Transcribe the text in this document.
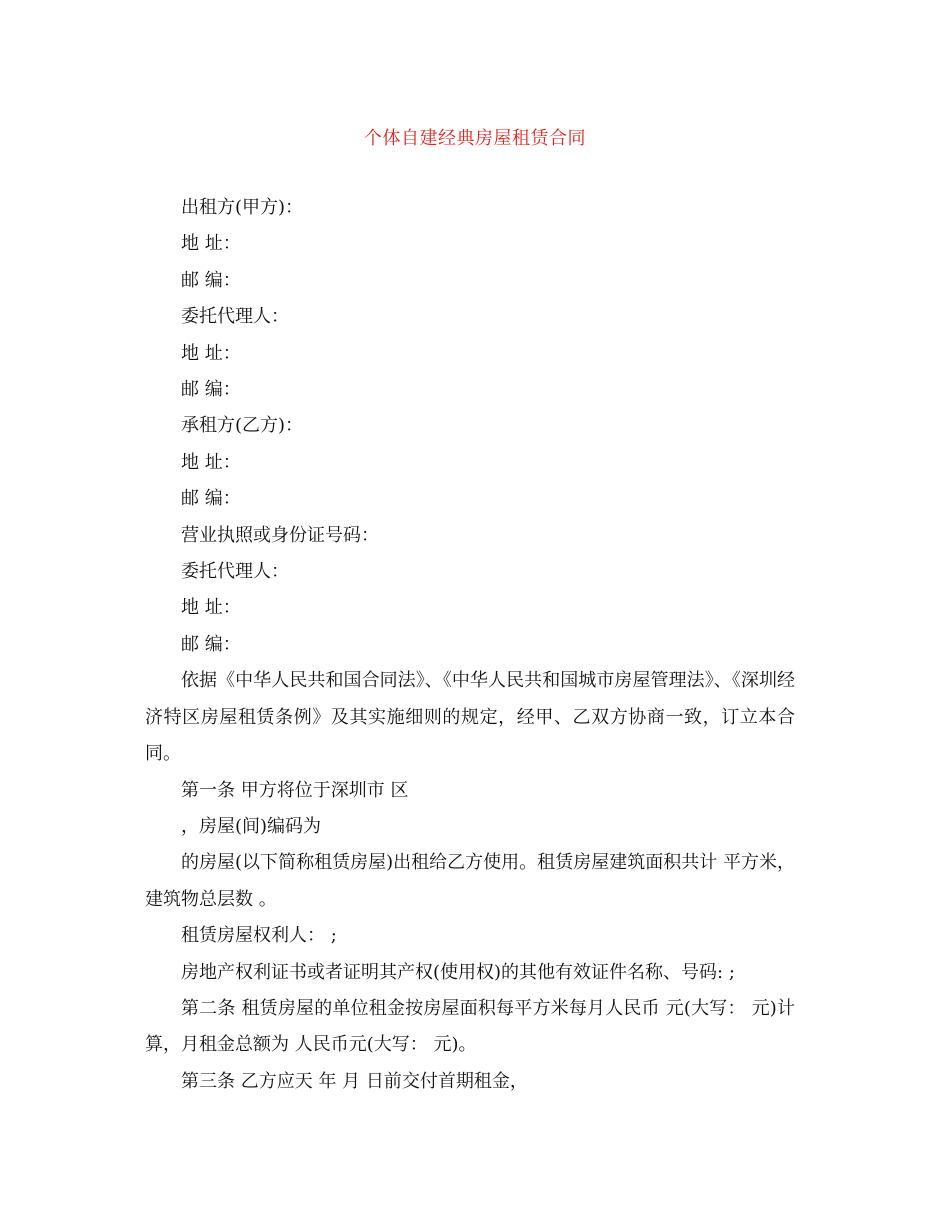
个体自建经典房屋租赁合同

出租方(甲方)：

地 址：

邮 编：

委托代理人：

地 址：

邮 编：

承租方(乙方)：

地 址：

邮 编：

营业执照或身份证号码：

委托代理人：

地 址：

邮 编：

依据《中华人民共和国合同法》、《中华人民共和国城市房屋管理法》、《深圳经济特区房屋租赁条例》及其实施细则的规定，经甲、乙双方协商一致，订立本合同。

第一条 甲方将位于深圳市 区

，房屋(间)编码为

的房屋(以下简称租赁房屋)出租给乙方使用。租赁房屋建筑面积共计 平方米，建筑物总层数 。

租赁房屋权利人： ;

房地产权利证书或者证明其产权(使用权)的其他有效证件名称、号码: ;

第二条 租赁房屋的单位租金按房屋面积每平方米每月人民币 元(大写： 元)计算，月租金总额为 人民币元(大写： 元)。

第三条 乙方应天 年 月 日前交付首期租金，
